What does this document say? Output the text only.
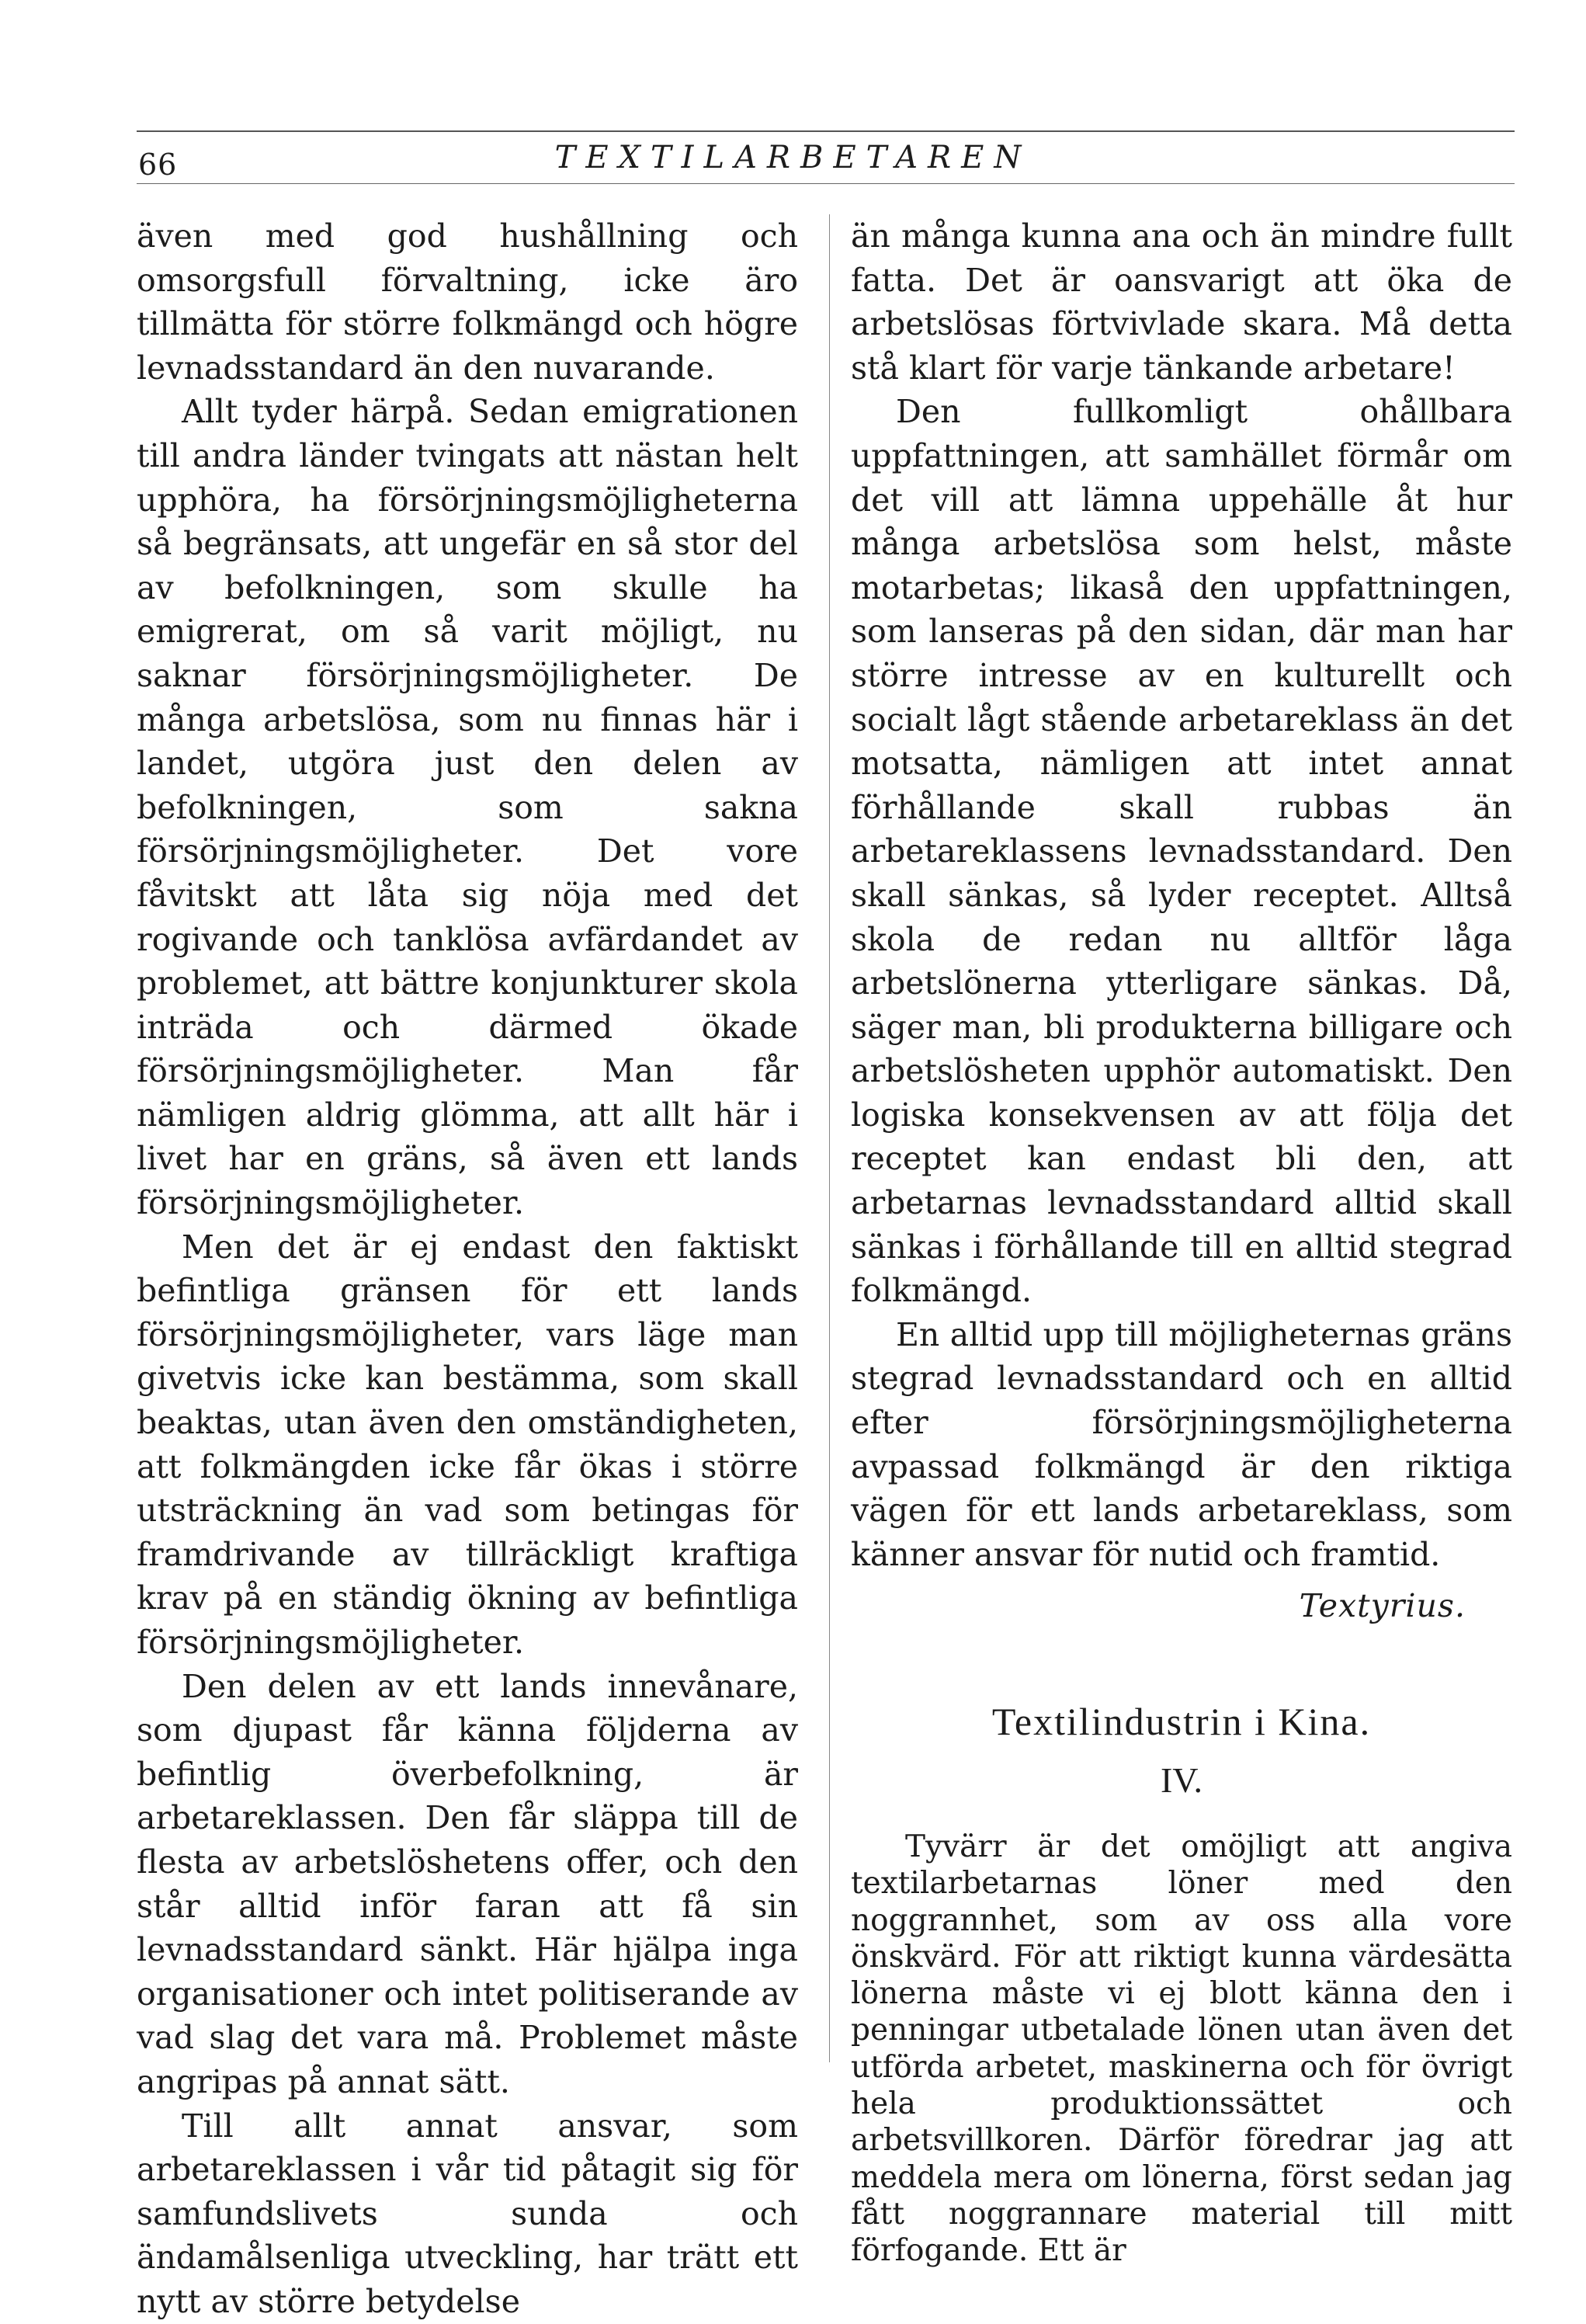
66	TEXTILARBETAREN

även med god hushållning och omsorgsfull förvaltning, icke äro tillmätta för större folkmängd och högre levnadsstandard än den nuvarande.

Allt tyder härpå. Sedan emigrationen till andra länder tvingats att nästan helt upphöra, ha försörjningsmöjligheterna så begränsats, att ungefär en så stor del av befolkningen, som skulle ha emigrerat, om så varit möjligt, nu saknar försörjningsmöjligheter. De många arbetslösa, som nu finnas här i landet, utgöra just den delen av befolkningen, som sakna försörjningsmöjligheter. Det vore fåvitskt att låta sig nöja med det rogivande och tanklösa avfärdandet av problemet, att bättre konjunkturer skola inträda och därmed ökade försörjningsmöjligheter. Man får nämligen aldrig glömma, att allt här i livet har en gräns, så även ett lands försörjningsmöjligheter.

Men det är ej endast den faktiskt befintliga gränsen för ett lands försörjningsmöjligheter, vars läge man givetvis icke kan bestämma, som skall beaktas, utan även den omständigheten, att folkmängden icke får ökas i större utsträckning än vad som betingas för framdrivande av tillräckligt kraftiga krav på en ständig ökning av befintliga försörjningsmöjligheter.

Den delen av ett lands innevånare, som djupast får känna följderna av befintlig överbefolkning, är arbetareklassen. Den får släppa till de flesta av arbetslöshetens offer, och den står alltid inför faran att få sin levnadsstandard sänkt. Här hjälpa inga organisationer och intet politiserande av vad slag det vara må. Problemet måste angripas på annat sätt.

Till allt annat ansvar, som arbetareklassen i vår tid påtagit sig för samfundslivets sunda och ändamålsenliga utveckling, har trätt ett nytt av större betydelse

än många kunna ana och än mindre fullt fatta. Det är oansvarigt att öka de arbetslösas förtvivlade skara. Må detta stå klart för varje tänkande arbetare!

Den fullkomligt ohållbara uppfattningen, att samhället förmår om det vill att lämna uppehälle åt hur många arbetslösa som helst, måste motarbetas; likaså den uppfattningen, som lanseras på den sidan, där man har större intresse av en kulturellt och socialt lågt stående arbetareklass än det motsatta, nämligen att intet annat förhållande skall rubbas än arbetareklassens levnadsstandard. Den skall sänkas, så lyder receptet. Alltså skola de redan nu alltför låga arbetslönerna ytterligare sänkas. Då, säger man, bli produkterna billigare och arbetslösheten upphör automatiskt. Den logiska konsekvensen av att följa det receptet kan endast bli den, att arbetarnas levnadsstandard alltid skall sänkas i förhållande till en alltid stegrad folkmängd.

En alltid upp till möjligheternas gräns stegrad levnadsstandard och en alltid efter försörjningsmöjligheterna avpassad folkmängd är den riktiga vägen för ett lands arbetareklass, som känner ansvar för nutid och framtid.

Textyrius.

Textilindustrin i Kina.
IV.

Tyvärr är det omöjligt att angiva textilarbetarnas löner med den noggrannhet, som av oss alla vore önskvärd. För att riktigt kunna värdesätta lönerna måste vi ej blott känna den i penningar utbetalade lönen utan även det utförda arbetet, maskinerna och för övrigt hela produktionssättet och arbetsvillkoren. Därför föredrar jag att meddela mera om lönerna, först sedan jag fått noggrannare material till mitt förfogande. Ett är
